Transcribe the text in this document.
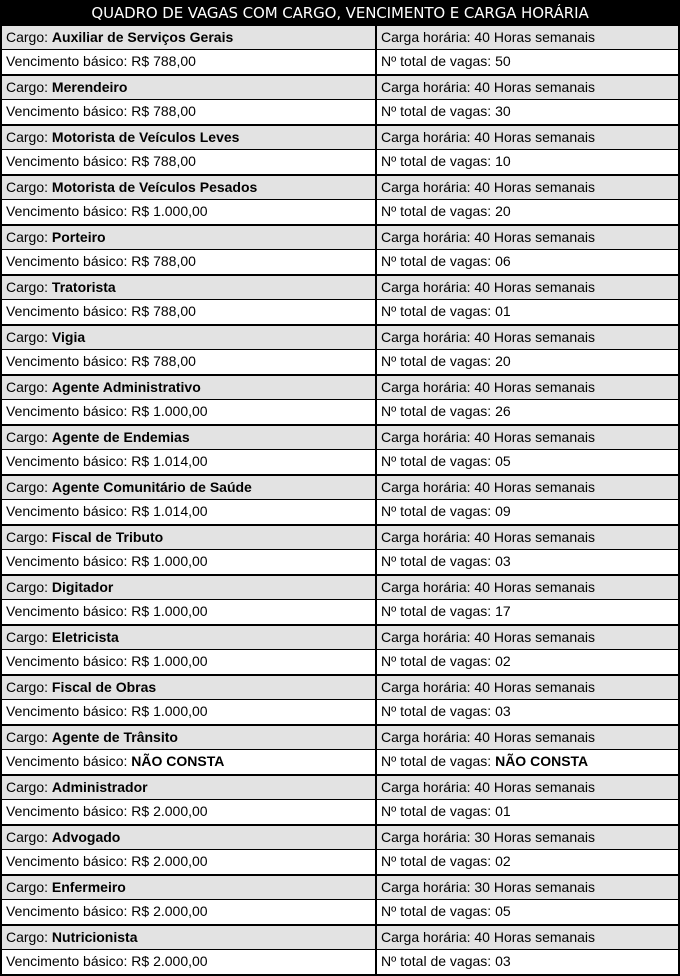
QUADRO DE VAGAS COM CARGO, VENCIMENTO E CARGA HORÁRIA
Cargo: Auxiliar de Serviços Gerais	Carga horária: 40 Horas semanais
Vencimento básico: R$ 788,00	Nº total de vagas: 50
Cargo: Merendeiro	Carga horária: 40 Horas semanais
Vencimento básico: R$ 788,00	Nº total de vagas: 30
Cargo: Motorista de Veículos Leves	Carga horária: 40 Horas semanais
Vencimento básico: R$ 788,00	Nº total de vagas: 10
Cargo: Motorista de Veículos Pesados	Carga horária: 40 Horas semanais
Vencimento básico: R$ 1.000,00	Nº total de vagas: 20
Cargo: Porteiro	Carga horária: 40 Horas semanais
Vencimento básico: R$ 788,00	Nº total de vagas: 06
Cargo: Tratorista	Carga horária: 40 Horas semanais
Vencimento básico: R$ 788,00	Nº total de vagas: 01
Cargo: Vigia	Carga horária: 40 Horas semanais
Vencimento básico: R$ 788,00	Nº total de vagas: 20
Cargo: Agente Administrativo	Carga horária: 40 Horas semanais
Vencimento básico: R$ 1.000,00	Nº total de vagas: 26
Cargo: Agente de Endemias	Carga horária: 40 Horas semanais
Vencimento básico: R$ 1.014,00	Nº total de vagas: 05
Cargo: Agente Comunitário de Saúde	Carga horária: 40 Horas semanais
Vencimento básico: R$ 1.014,00	Nº total de vagas: 09
Cargo: Fiscal de Tributo	Carga horária: 40 Horas semanais
Vencimento básico: R$ 1.000,00	Nº total de vagas: 03
Cargo: Digitador	Carga horária: 40 Horas semanais
Vencimento básico: R$ 1.000,00	Nº total de vagas: 17
Cargo: Eletricista	Carga horária: 40 Horas semanais
Vencimento básico: R$ 1.000,00	Nº total de vagas: 02
Cargo: Fiscal de Obras	Carga horária: 40 Horas semanais
Vencimento básico: R$ 1.000,00	Nº total de vagas: 03
Cargo: Agente de Trânsito	Carga horária: 40 Horas semanais
Vencimento básico: NÃO CONSTA	Nº total de vagas: NÃO CONSTA
Cargo: Administrador	Carga horária: 40 Horas semanais
Vencimento básico: R$ 2.000,00	Nº total de vagas: 01
Cargo: Advogado	Carga horária: 30 Horas semanais
Vencimento básico: R$ 2.000,00	Nº total de vagas: 02
Cargo: Enfermeiro	Carga horária: 30 Horas semanais
Vencimento básico: R$ 2.000,00	Nº total de vagas: 05
Cargo: Nutricionista	Carga horária: 40 Horas semanais
Vencimento básico: R$ 2.000,00	Nº total de vagas: 03
